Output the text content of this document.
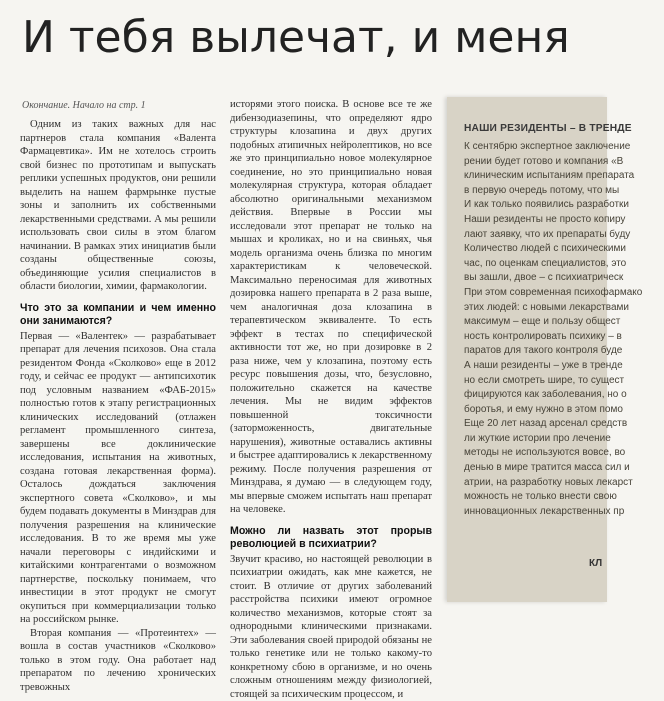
И тебя вылечат, и меня
Окончание. Начало на стр. 1

Одним из таких важных для нас партнеров стала компания «Валента Фармацевтика». Им не хотелось строить свой бизнес по прототипам и выпускать реплики успешных продуктов, они решили выделить на нашем фармрынке пустые зоны и заполнить их собственными лекарственными средствами. А мы решили использовать свои силы в этом благом начинании. В рамках этих инициатив были созданы общественные союзы, объединяющие усилия специалистов в области биологии, химии, фармакологии.

Что это за компании и чем именно они занимаются?

Первая — «Валентек» — разрабатывает препарат для лечения психозов. Она стала резидентом Фонда «Сколково» еще в 2012 году, и сейчас ее продукт — антипсихотик под условным названием «ФАБ-2015» полностью готов к этапу регистрационных клинических исследований (отлажен регламент промышленного синтеза, завершены все доклинические исследования, испытания на животных, создана готовая лекарственная форма). Осталось дождаться заключения экспертного совета «Сколково», и мы будем подавать документы в Минздрав для получения разрешения на клинические исследования. В то же время мы уже начали переговоры с индийскими и китайскими контрагентами о возможном партнерстве, поскольку понимаем, что инвестиции в этот продукт не смогут окупиться при коммерциализации только на российском рынке.

Вторая компания — «Протеинтех» — вошла в состав участников «Сколково» только в этом году. Она работает над препаратом по лечению хронических тревожных

исторями этого поиска. В основе все те же дибензодиазепины, что определяют ядро структуры клозапина и двух других подобных атипичных нейролептиков, но все же это принципиально новое молекулярное соединение, но это принципиально новая молекулярная структура, которая обладает абсолютно оригинальными механизмом действия. Впервые в России мы исследовали этот препарат не только на мышах и кроликах, но и на свиньях, чья модель организма очень близка по многим характеристикам к человеческой. Максимально переносимая для животных дозировка нашего препарата в 2 раза выше, чем аналогичная доза клозапина в терапевтическом эквиваленте. То есть эффект в тестах по специфической активности тот же, но при дозировке в 2 раза ниже, чем у клозапина, поэтому есть ресурс повышения дозы, что, безусловно, положительно скажется на качестве лечения. Мы не видим эффектов повышенной токсичности (заторможенность, двигательные нарушения), животные оставались активны и быстрее адаптировались к лекарственному режиму. После получения разрешения от Минздрава, я думаю — в следующем году, мы впервые сможем испытать наш препарат на человеке.

Можно ли назвать этот прорыв революцией в психиатрии?

Звучит красиво, но настоящей революции в психиатрии ожидать, как мне кажется, не стоит. В отличие от других заболеваний расстройства психики имеют огромное количество механизмов, которые стоят за однородными клиническими признаками. Эти заболевания своей природой обязаны не только генетике или не только какому-то конкретному сбою в организме, и но очень сложным отношениям между физиологией, стоящей за психическим процессом, и

НАШИ РЕЗИДЕНТЫ – В ТРЕНДЕ
К сентябрю экспертное заключение
рении будет готово и компания «В
клиническим испытаниям препарата
в первую очередь потому, что мы
И как только появились разработки
Наши резиденты не просто копиру
лают заявку, что их препараты буду
Количество людей с психическими
час, по оценкам специалистов, это
вы зашли, двое – с психиатрическ
При этом современная психофармако
этих людей: с новыми лекарствами
максимум – еще и пользу общест
ность контролировать психику – в
паратов для такого контроля буде
А наши резиденты – уже в тренде
но если смотреть шире, то сущест
фицируются как заболевания, но о
боротья, и ему нужно в этом помо
Еще 20 лет назад арсенал средств
ли жуткие истории про лечение
методы не используются вовсе, во
денью в мире тратится масса сил и
атрии, на разработку новых лекарст
можность не только внести свою
инновационных лекарственных пр
КЛ
